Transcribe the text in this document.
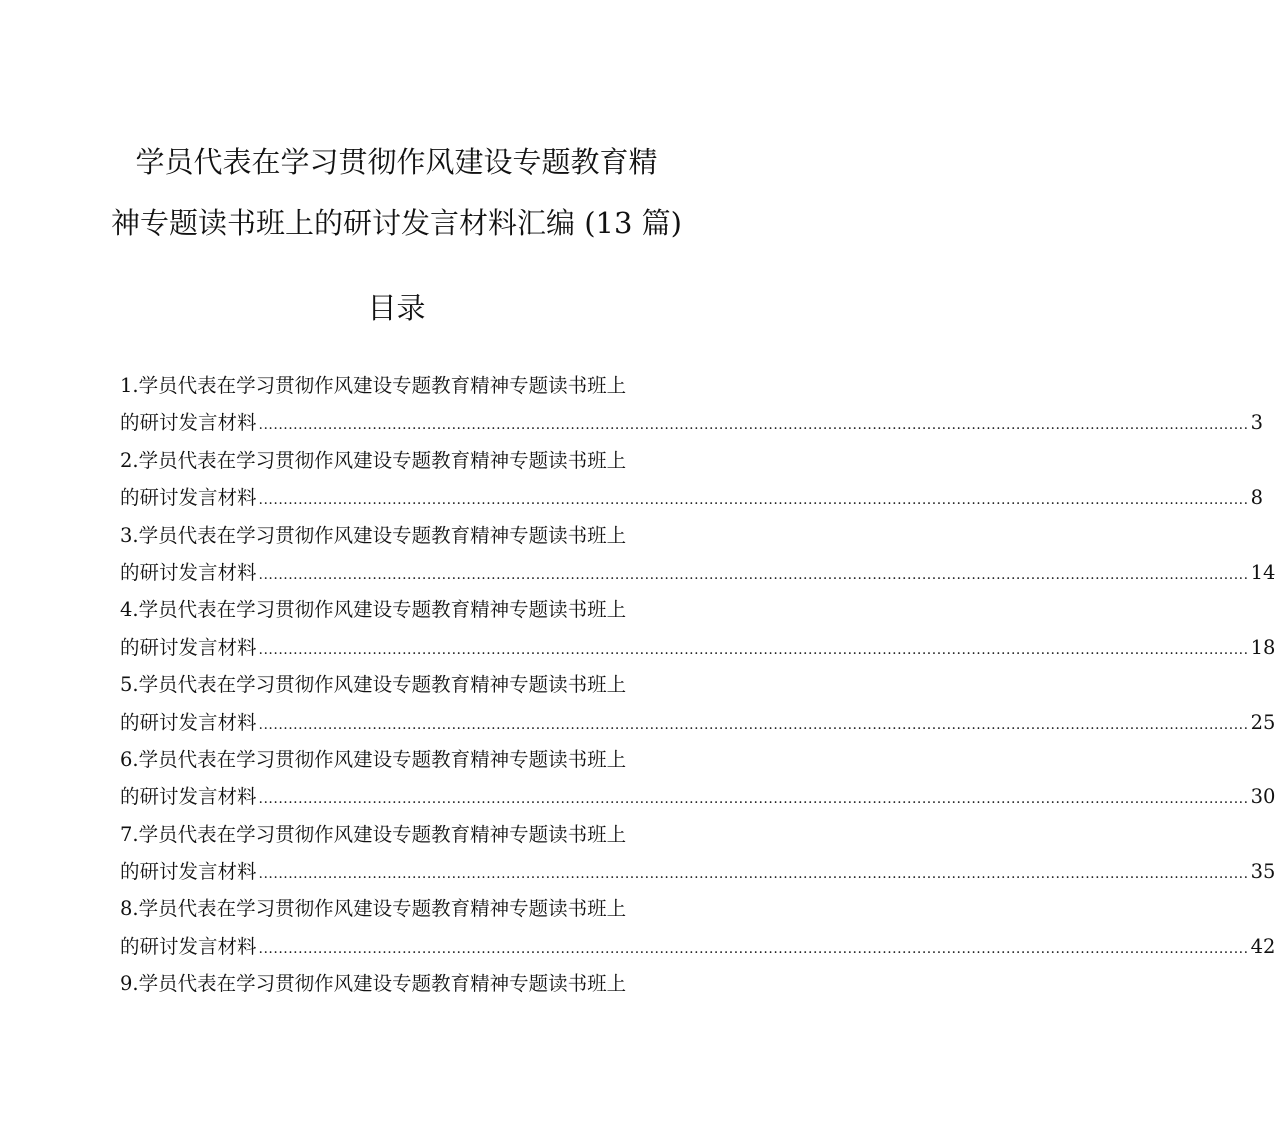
学员代表在学习贯彻作风建设专题教育精
神专题读书班上的研讨发言材料汇编 (13 篇)
目录
1.学员代表在学习贯彻作风建设专题教育精神专题读书班上
的研讨发言材料 ........................................................................................................................................................................................................ 3
2.学员代表在学习贯彻作风建设专题教育精神专题读书班上
的研讨发言材料 ........................................................................................................................................................................................................ 8
3.学员代表在学习贯彻作风建设专题教育精神专题读书班上
的研讨发言材料 ........................................................................................................................................................................................................ 14
4.学员代表在学习贯彻作风建设专题教育精神专题读书班上
的研讨发言材料 ........................................................................................................................................................................................................ 18
5.学员代表在学习贯彻作风建设专题教育精神专题读书班上
的研讨发言材料 ........................................................................................................................................................................................................ 25
6.学员代表在学习贯彻作风建设专题教育精神专题读书班上
的研讨发言材料 ........................................................................................................................................................................................................ 30
7.学员代表在学习贯彻作风建设专题教育精神专题读书班上
的研讨发言材料 ........................................................................................................................................................................................................ 35
8.学员代表在学习贯彻作风建设专题教育精神专题读书班上
的研讨发言材料 ........................................................................................................................................................................................................ 42
9.学员代表在学习贯彻作风建设专题教育精神专题读书班上
